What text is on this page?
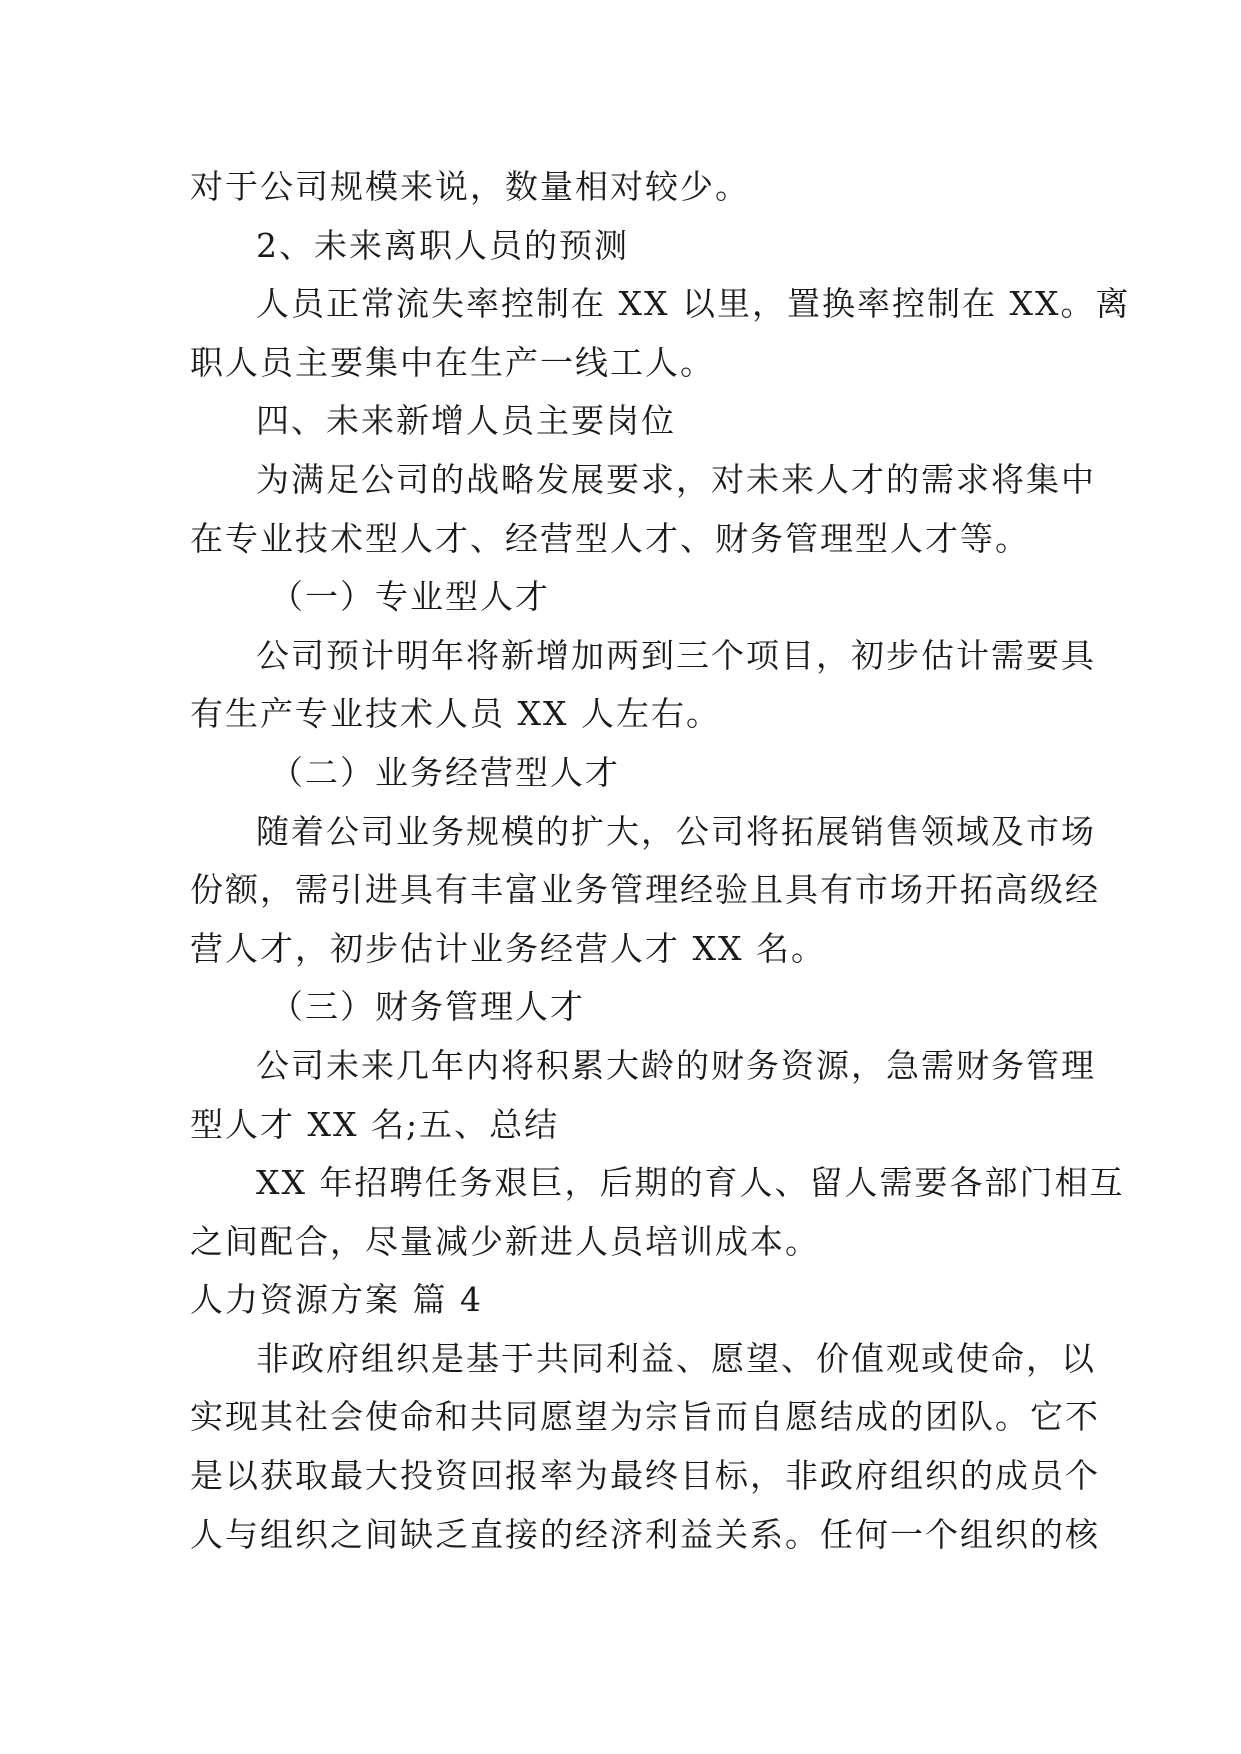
对于公司规模来说，数量相对较少。
2、未来离职人员的预测
人员正常流失率控制在 XX 以里，置换率控制在 XX。离
职人员主要集中在生产一线工人。
四、未来新增人员主要岗位
为满足公司的战略发展要求，对未来人才的需求将集中
在专业技术型人才、经营型人才、财务管理型人才等。
（一）专业型人才
公司预计明年将新增加两到三个项目，初步估计需要具
有生产专业技术人员 XX 人左右。
（二）业务经营型人才
随着公司业务规模的扩大，公司将拓展销售领域及市场
份额，需引进具有丰富业务管理经验且具有市场开拓高级经
营人才，初步估计业务经营人才 XX 名。
（三）财务管理人才
公司未来几年内将积累大龄的财务资源，急需财务管理
型人才 XX 名;五、总结
XX 年招聘任务艰巨，后期的育人、留人需要各部门相互
之间配合，尽量减少新进人员培训成本。
人力资源方案 篇 4
非政府组织是基于共同利益、愿望、价值观或使命，以
实现其社会使命和共同愿望为宗旨而自愿结成的团队。它不
是以获取最大投资回报率为最终目标，非政府组织的成员个
人与组织之间缺乏直接的经济利益关系。任何一个组织的核
